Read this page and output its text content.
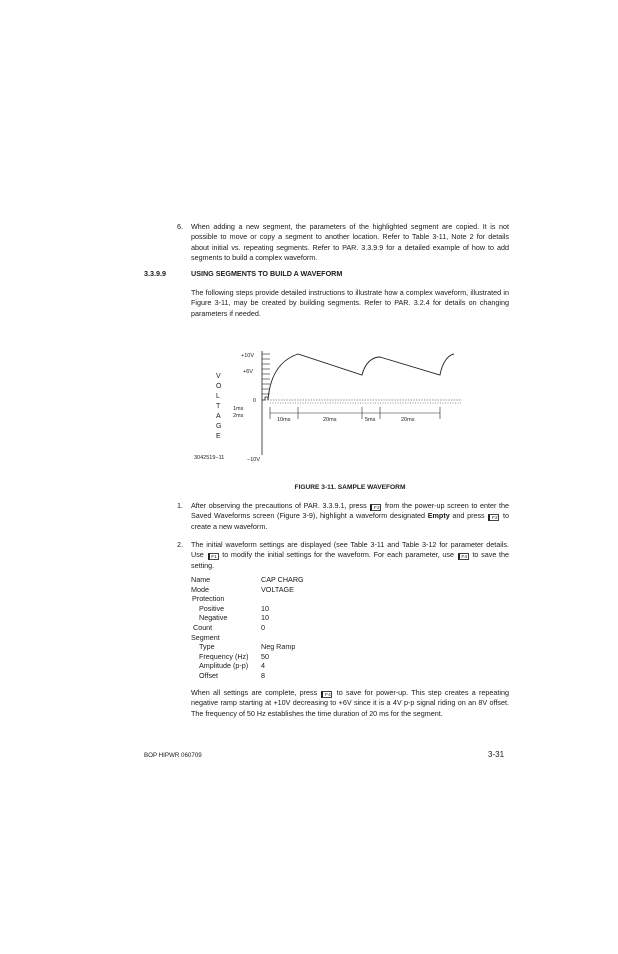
6. When adding a new segment, the parameters of the highlighted segment are copied. It is not possible to move or copy a segment to another location. Refer to Table 3-11, Note 2 for details about initial vs. repeating segments. Refer to PAR. 3.3.9.9 for a detailed example of how to add segments to build a complex waveform.
3.3.9.9	USING SEGMENTS TO BUILD A WAVEFORM
The following steps provide detailed instructions to illustrate how a complex waveform, illustrated in Figure 3-11, may be created by building segments. Refer to PAR. 3.2.4 for details on changing parameters if needed.
V
O
L
T
A
G
E
+10V
+6V
0
1ms
2ms
−10V
3042519−11
10ms	20ms	5ms	20ms
FIGURE 3-11. SAMPLE WAVEFORM
1. After observing the precautions of PAR. 3.3.9.1, press F2 from the power-up screen to enter the Saved Waveforms screen (Figure 3-9), highlight a waveform designated Empty and press F2 to create a new waveform.
2. The initial waveform settings are displayed (see Table 3-11 and Table 3-12 for parameter details. Use F1 to modify the initial settings for the waveform. For each parameter, use F4 to save the setting.
Name	CAP CHARG
Mode	VOLTAGE
Protection
Positive	10
Negative	10
Count	0
Segment
Type	Neg Ramp
Frequency (Hz) 50
Amplitude (p-p) 4
Offset	8
When all settings are complete, press F4 to save for power-up. This step creates a repeating negative ramp starting at +10V decreasing to +6V since it is a 4V p-p signal riding on an 8V offset. The frequency of 50 Hz establishes the time duration of 20 ms for the segment.
BOP HIPWR 060709	3-31
